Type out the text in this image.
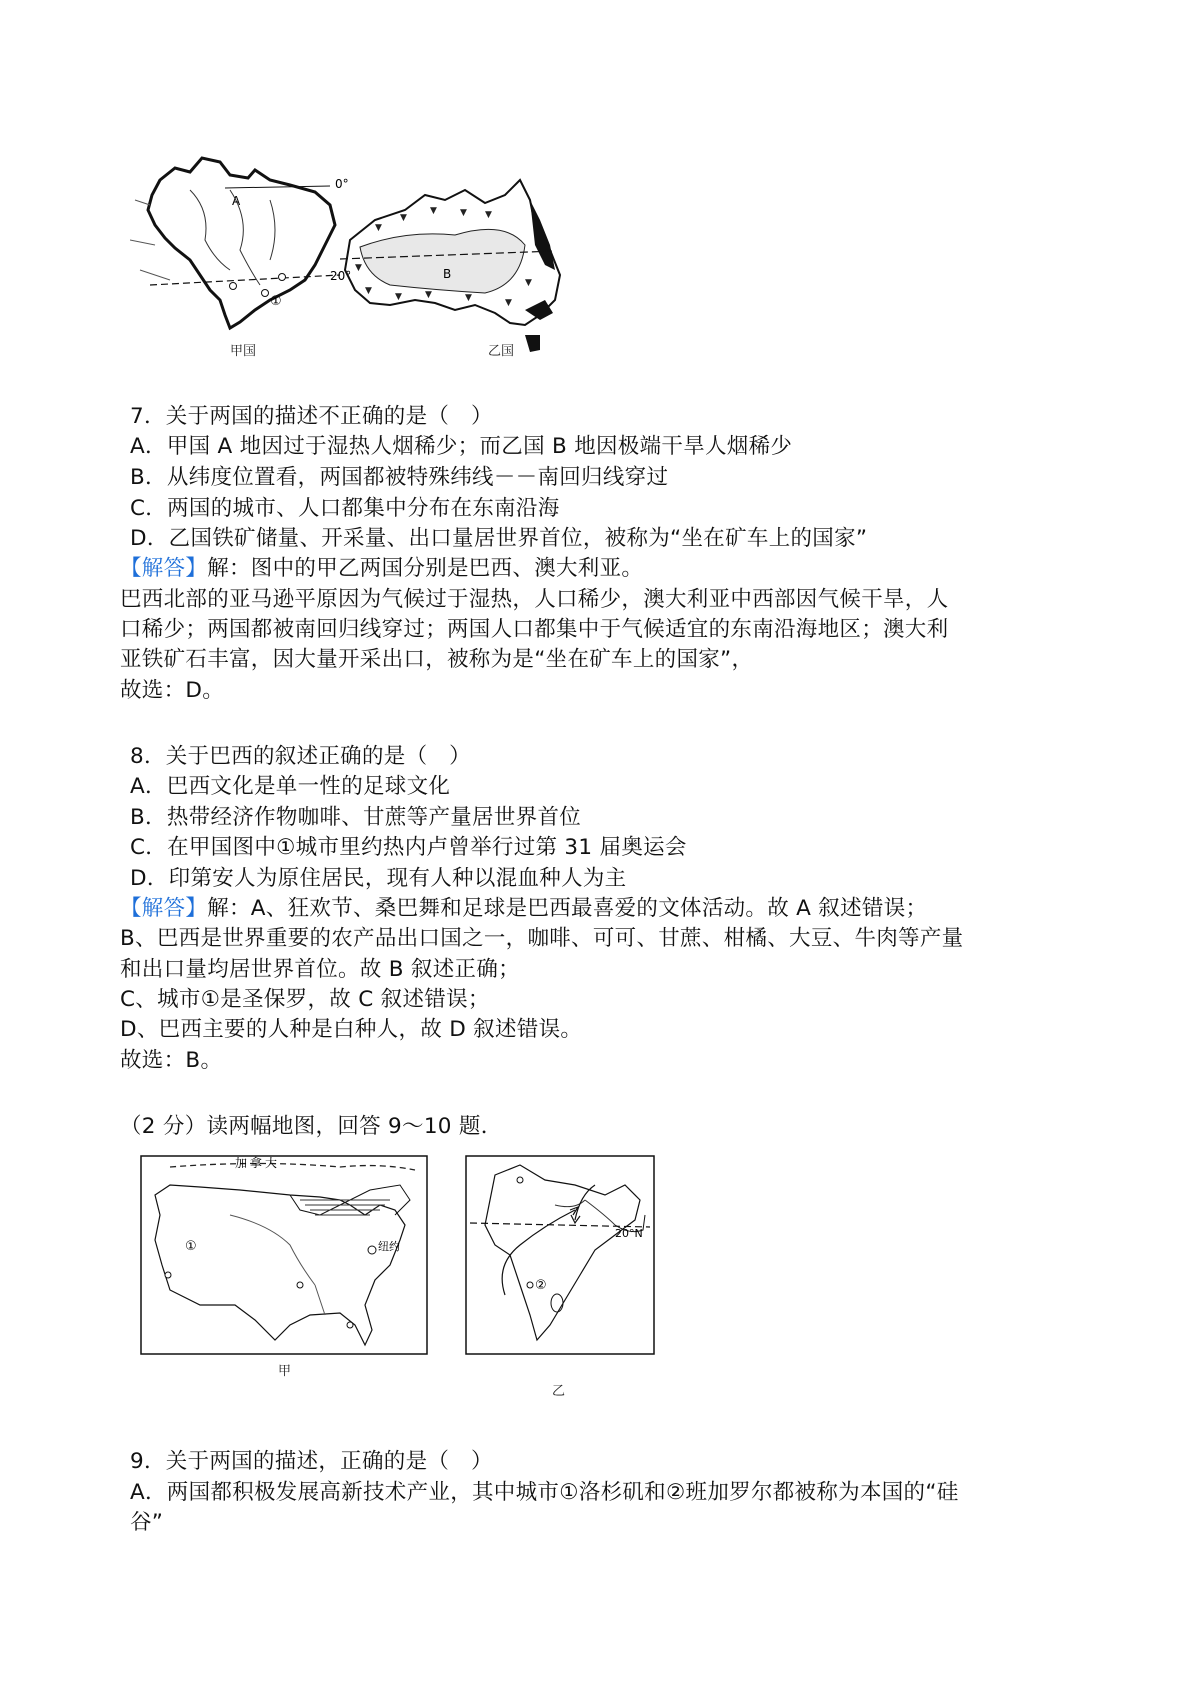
A
0°
20°
①
▼
▼
▼	▼ ▼
▼
▼
▼	▼	▼	▼
▼
B
甲国	乙国
7．关于两国的描述不正确的是（　）
A．甲国 A 地因过于湿热人烟稀少；而乙国 B 地因极端干旱人烟稀少
B．从纬度位置看，两国都被特殊纬线－－南回归线穿过
C．两国的城市、人口都集中分布在东南沿海
D．乙国铁矿储量、开采量、出口量居世界首位，被称为“坐在矿车上的国家”
【解答】解：图中的甲乙两国分别是巴西、澳大利亚。
巴西北部的亚马逊平原因为气候过于湿热，人口稀少，澳大利亚中西部因气候干旱，人
口稀少；两国都被南回归线穿过；两国人口都集中于气候适宜的东南沿海地区；澳大利
亚铁矿石丰富，因大量开采出口，被称为是“坐在矿车上的国家”，
故选：D。
8．关于巴西的叙述正确的是（　）
A．巴西文化是单一性的足球文化
B．热带经济作物咖啡、甘蔗等产量居世界首位
C．在甲国图中①城市里约热内卢曾举行过第 31 届奥运会
D．印第安人为原住居民，现有人种以混血种人为主
【解答】解：A、狂欢节、桑巴舞和足球是巴西最喜爱的文体活动。故 A 叙述错误；
B、巴西是世界重要的农产品出口国之一，咖啡、可可、甘蔗、柑橘、大豆、牛肉等产量
和出口量均居世界首位。故 B 叙述正确；
C、城市①是圣保罗，故 C 叙述错误；
D、巴西主要的人种是白种人，故 D 叙述错误。
故选：B。
（2 分）读两幅地图，回答 9～10 题．
加拿大
纽约
①
20°N
②
甲
乙
9．关于两国的描述，正确的是（　）
A．两国都积极发展高新技术产业，其中城市①洛杉矶和②班加罗尔都被称为本国的“硅
谷”
